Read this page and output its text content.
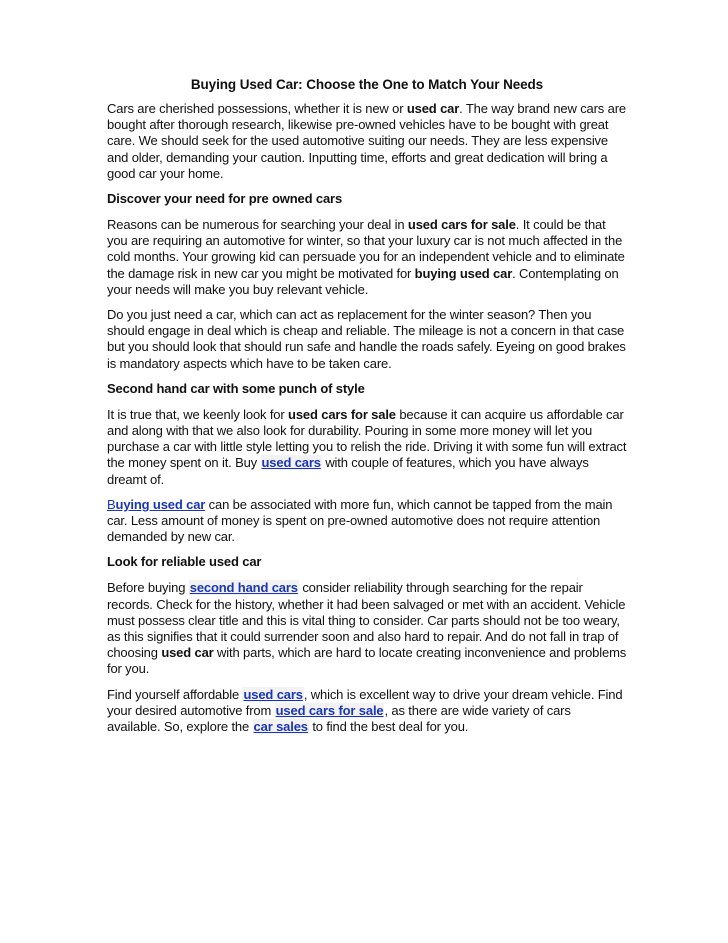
Buying Used Car: Choose the One to Match Your Needs

Cars are cherished possessions, whether it is new or used car. The way brand new cars are bought after thorough research, likewise pre-owned vehicles have to be bought with great care. We should seek for the used automotive suiting our needs. They are less expensive and older, demanding your caution. Inputting time, efforts and great dedication will bring a good car your home.

Discover your need for pre owned cars

Reasons can be numerous for searching your deal in used cars for sale. It could be that you are requiring an automotive for winter, so that your luxury car is not much affected in the cold months. Your growing kid can persuade you for an independent vehicle and to eliminate the damage risk in new car you might be motivated for buying used car. Contemplating on your needs will make you buy relevant vehicle.

Do you just need a car, which can act as replacement for the winter season? Then you should engage in deal which is cheap and reliable. The mileage is not a concern in that case but you should look that should run safe and handle the roads safely. Eyeing on good brakes is mandatory aspects which have to be taken care.

Second hand car with some punch of style

It is true that, we keenly look for used cars for sale because it can acquire us affordable car and along with that we also look for durability. Pouring in some more money will let you purchase a car with little style letting you to relish the ride. Driving it with some fun will extract the money spent on it. Buy used cars with couple of features, which you have always dreamt of.

Buying used car can be associated with more fun, which cannot be tapped from the main car. Less amount of money is spent on pre-owned automotive does not require attention demanded by new car.

Look for reliable used car

Before buying second hand cars consider reliability through searching for the repair records. Check for the history, whether it had been salvaged or met with an accident. Vehicle must possess clear title and this is vital thing to consider. Car parts should not be too weary, as this signifies that it could surrender soon and also hard to repair. And do not fall in trap of choosing used car with parts, which are hard to locate creating inconvenience and problems for you.

Find yourself affordable used cars, which is excellent way to drive your dream vehicle. Find your desired automotive from used cars for sale, as there are wide variety of cars available. So, explore the car sales to find the best deal for you.
